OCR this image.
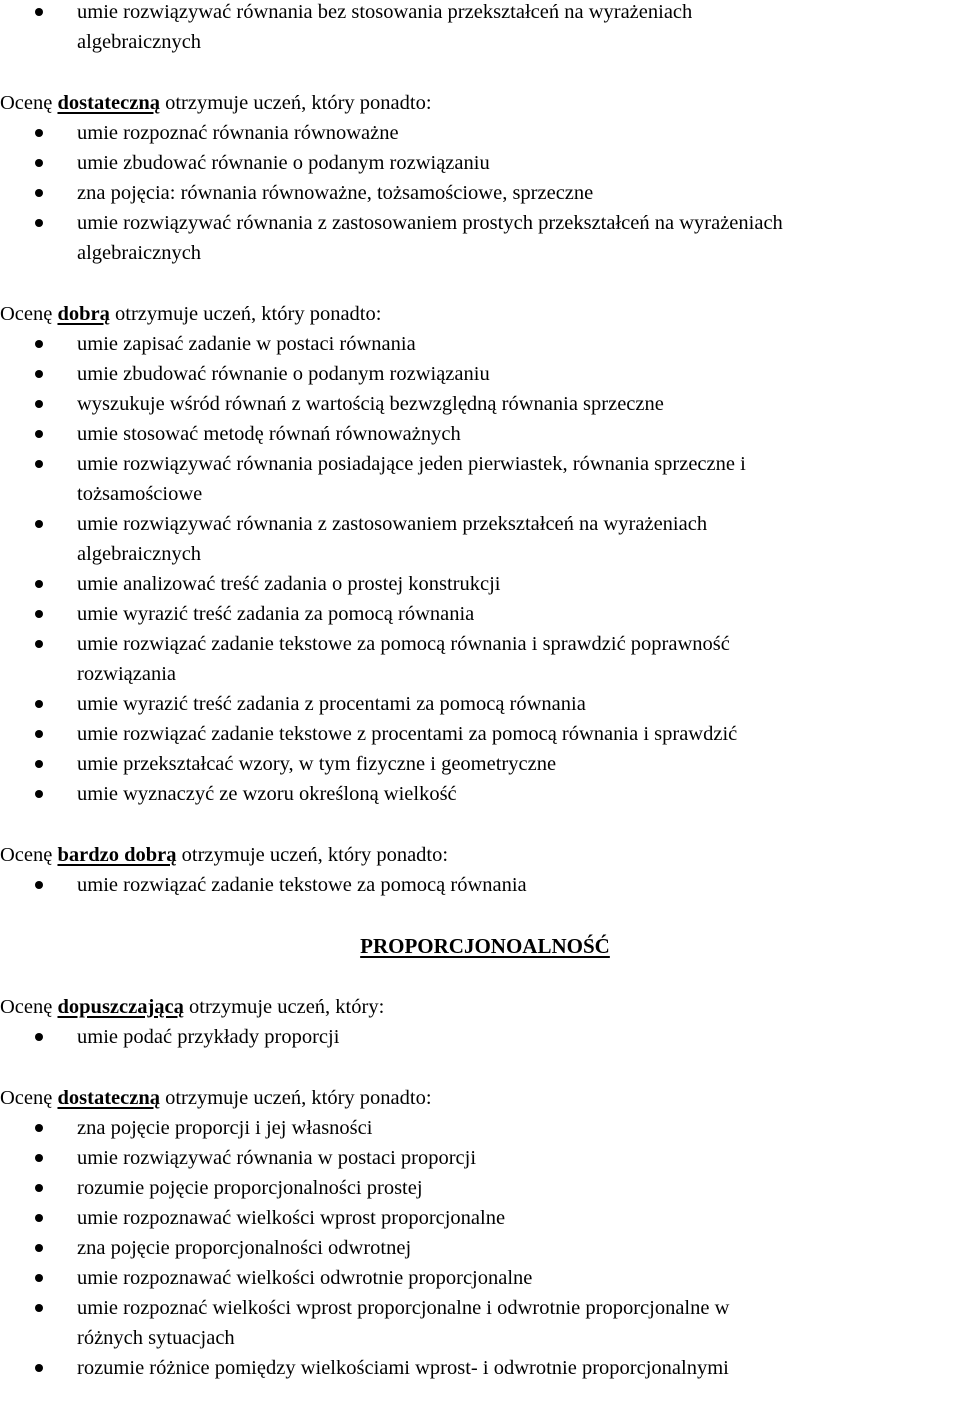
umie rozwiązywać równania bez stosowania przekształceń na wyrażeniach
algebraicznych
Ocenę dostateczną otrzymuje uczeń, który ponadto:
umie rozpoznać równania równoważne
umie zbudować równanie o podanym rozwiązaniu
zna pojęcia: równania równoważne, tożsamościowe, sprzeczne
umie rozwiązywać równania z zastosowaniem prostych przekształceń na wyrażeniach
algebraicznych
Ocenę dobrą otrzymuje uczeń, który ponadto:
umie zapisać zadanie w postaci równania
umie zbudować równanie o podanym rozwiązaniu
wyszukuje wśród równań z wartością bezwzględną równania sprzeczne
umie stosować metodę równań równoważnych
umie rozwiązywać równania posiadające jeden pierwiastek, równania sprzeczne i
tożsamościowe
umie rozwiązywać równania z zastosowaniem przekształceń na wyrażeniach
algebraicznych
umie analizować treść zadania o prostej konstrukcji
umie wyrazić treść zadania za pomocą równania
umie rozwiązać zadanie tekstowe za pomocą równania i sprawdzić poprawność
rozwiązania
umie wyrazić treść zadania z procentami za pomocą równania
umie rozwiązać zadanie tekstowe z procentami za pomocą równania i sprawdzić
umie przekształcać wzory, w tym fizyczne i geometryczne
umie wyznaczyć ze wzoru określoną wielkość
Ocenę bardzo dobrą otrzymuje uczeń, który ponadto:
umie rozwiązać zadanie tekstowe za pomocą równania
PROPORCJONOALNOŚĆ
Ocenę dopuszczającą otrzymuje uczeń, który:
umie podać przykłady proporcji
Ocenę dostateczną otrzymuje uczeń, który ponadto:
zna pojęcie proporcji i jej własności
umie rozwiązywać równania w postaci proporcji
rozumie pojęcie proporcjonalności prostej
umie rozpoznawać wielkości wprost proporcjonalne
zna pojęcie proporcjonalności odwrotnej
umie rozpoznawać wielkości odwrotnie proporcjonalne
umie rozpoznać wielkości wprost proporcjonalne i odwrotnie proporcjonalne w
różnych sytuacjach
rozumie różnice pomiędzy wielkościami wprost- i odwrotnie proporcjonalnymi
